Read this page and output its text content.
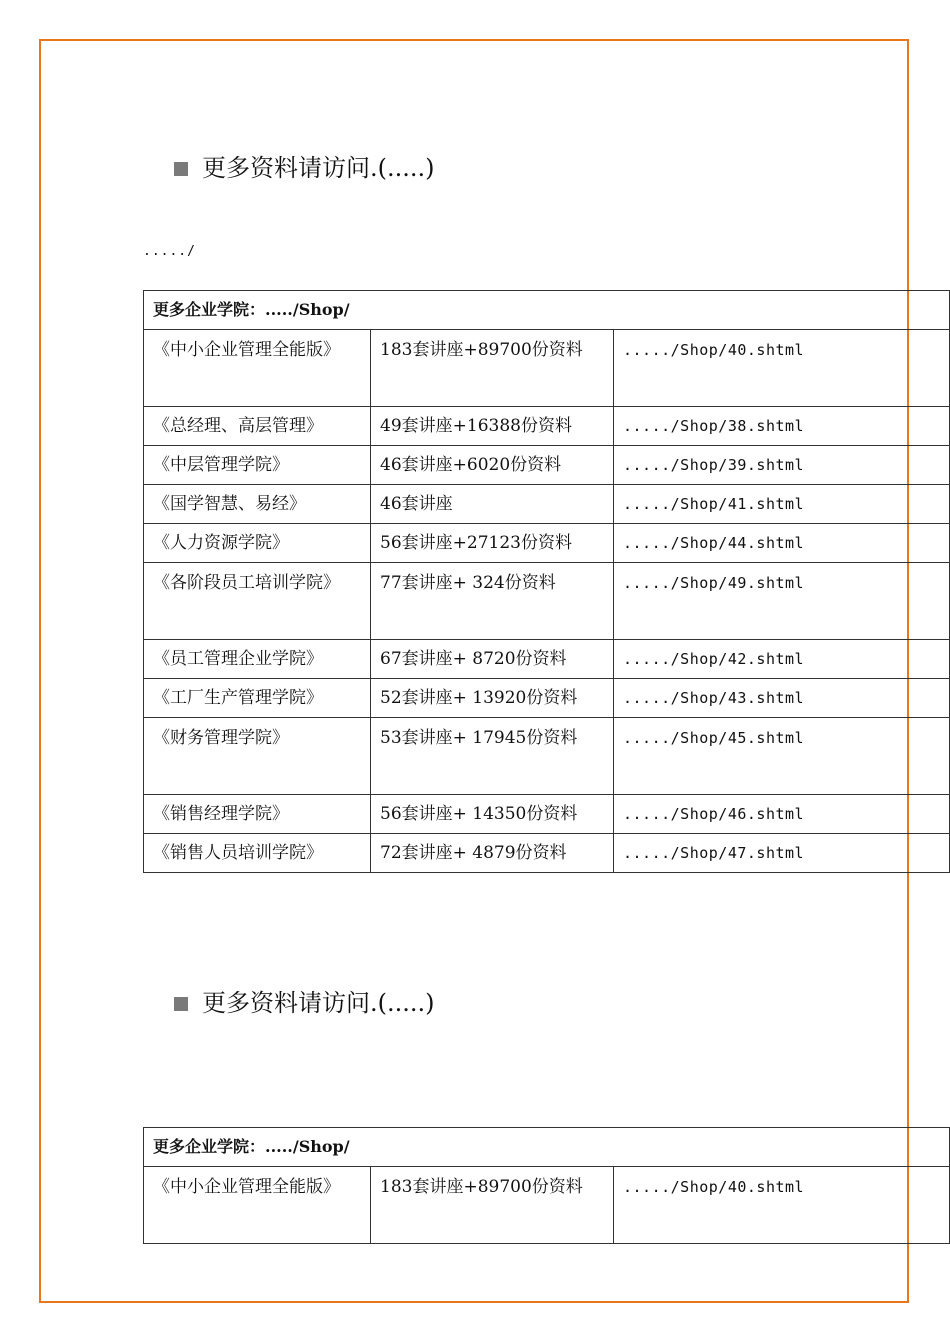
更多资料请访问.(.....)
...../
更多企业学院：...../Shop/		
《中小企业管理全能版》	183套讲座+89700份资料	...../Shop/40.shtml
《总经理、高层管理》	49套讲座+16388份资料	...../Shop/38.shtml
《中层管理学院》	46套讲座+6020份资料	...../Shop/39.shtml
《国学智慧、易经》	46套讲座	...../Shop/41.shtml
《人力资源学院》	56套讲座+27123份资料	...../Shop/44.shtml
《各阶段员工培训学院》	77套讲座+ 324份资料	...../Shop/49.shtml
《员工管理企业学院》	67套讲座+ 8720份资料	...../Shop/42.shtml
《工厂生产管理学院》	52套讲座+ 13920份资料	...../Shop/43.shtml
《财务管理学院》	53套讲座+ 17945份资料	...../Shop/45.shtml
《销售经理学院》	56套讲座+ 14350份资料	...../Shop/46.shtml
《销售人员培训学院》	72套讲座+ 4879份资料	...../Shop/47.shtml
更多资料请访问.(.....)
更多企业学院：...../Shop/
《中小企业管理全能版》	183套讲座+89700份资料	...../Shop/40.shtml
